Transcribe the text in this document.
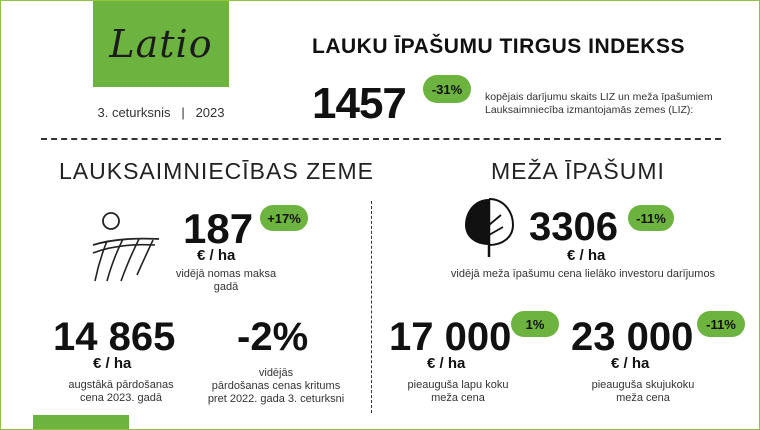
Latio
3. ceturksnis | 2023
LAUKU ĪPAŠUMU TIRGUS INDEKSS
1457	-31%
kopējais darījumu skaits LIZ un meža īpašumiem
Lauksaimniecība izmantojamās zemes (LIZ):
LAUKSAIMNIECĪBAS ZEME
187	+17%
€ / ha
vidējā nomas maksa gadā
14 865
€ / ha
augstākā pārdošanas
cena 2023. gadā
-2%
vidējās
pārdošanas cenas kritums
pret 2022. gada 3. ceturksni
MEŽA ĪPAŠUMI
3306	-11%
€ / ha
vidējā meža īpašumu cena lielāko investoru darījumos
17 000	1%
€ / ha
pieauguša lapu koku
meža cena
23 000 -11%
€ / ha
pieauguša skujukoku
meža cena
